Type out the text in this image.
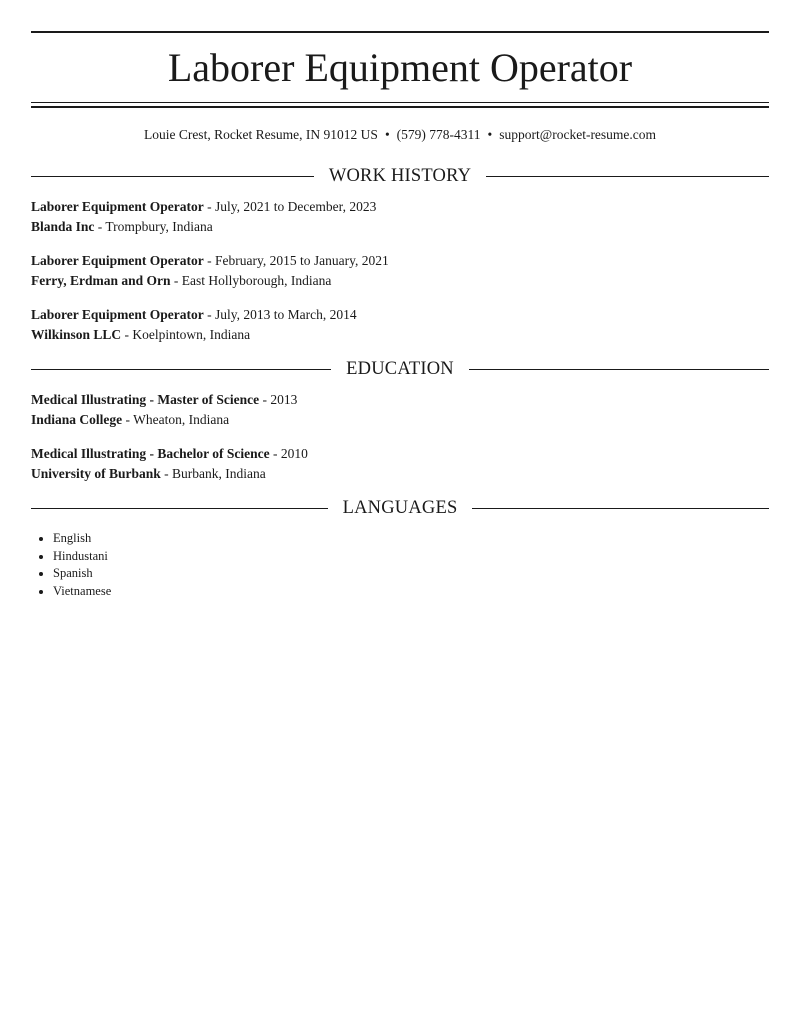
Laborer Equipment Operator
Louie Crest, Rocket Resume, IN 91012 US • (579) 778-4311 • support@rocket-resume.com
WORK HISTORY
Laborer Equipment Operator - July, 2021 to December, 2023
Blanda Inc - Trompbury, Indiana
Laborer Equipment Operator - February, 2015 to January, 2021
Ferry, Erdman and Orn - East Hollyborough, Indiana
Laborer Equipment Operator - July, 2013 to March, 2014
Wilkinson LLC - Koelpintown, Indiana
EDUCATION
Medical Illustrating - Master of Science - 2013
Indiana College - Wheaton, Indiana
Medical Illustrating - Bachelor of Science - 2010
University of Burbank - Burbank, Indiana
LANGUAGES
• English
• Hindustani
• Spanish
• Vietnamese
